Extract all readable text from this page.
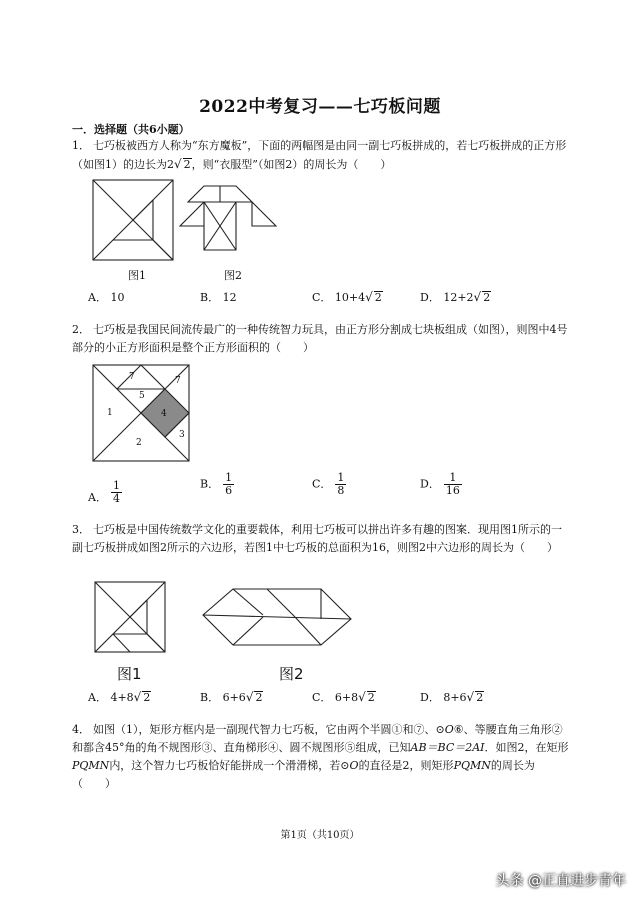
2022中考复习——七巧板问题
一．选择题（共6小题）
1． 七巧板被西方人称为“东方魔板”，下面的两幅图是由同一副七巧板拼成的，若七巧板拼成的正方形（如图1）的边长为2√ 2，则“衣服型”（如图2）的周长为（　　）
图1	图2
A． 10	B． 12	C． 10+4√ 2	D． 12+2√ 2
2． 七巧板是我国民间流传最广的一种传统智力玩具，由正方形分割成七块板组成（如图），则图中4号部分的小正方形面积是整个正方形面积的（　　）
7	7
5
1	4
2
3
A． $\frac{1}{4}$	B． $\frac{1}{6}$	C． $\frac{1}{8}$	D． $\frac{1}{16}$
3． 七巧板是中国传统数学文化的重要载体，利用七巧板可以拼出许多有趣的图案．现用图1所示的一副七巧板拼成如图2所示的六边形，若图1中七巧板的总面积为16，则图2中六边形的周长为（　　）
图1	图2
A． 4+8√ 2	B． 6+6√ 2	C． 6+8√ 2	D． 8+6√ 2
4． 如图（1），矩形方框内是一副现代智力七巧板，它由两个半圆①和⑦、⊙O⑥、等腰直角三角形②和都含45°角的角不规图形③、直角梯形④、圆不规图形⑤组成，已知AB＝BC＝2AI．如图2，在矩形PQMN内，这个智力七巧板恰好能拼成一个滑滑梯，若⊙O的直径是2，则矩形PQMN的周长为（　　）
第1页（共10页）
头条 @正直进步青年
